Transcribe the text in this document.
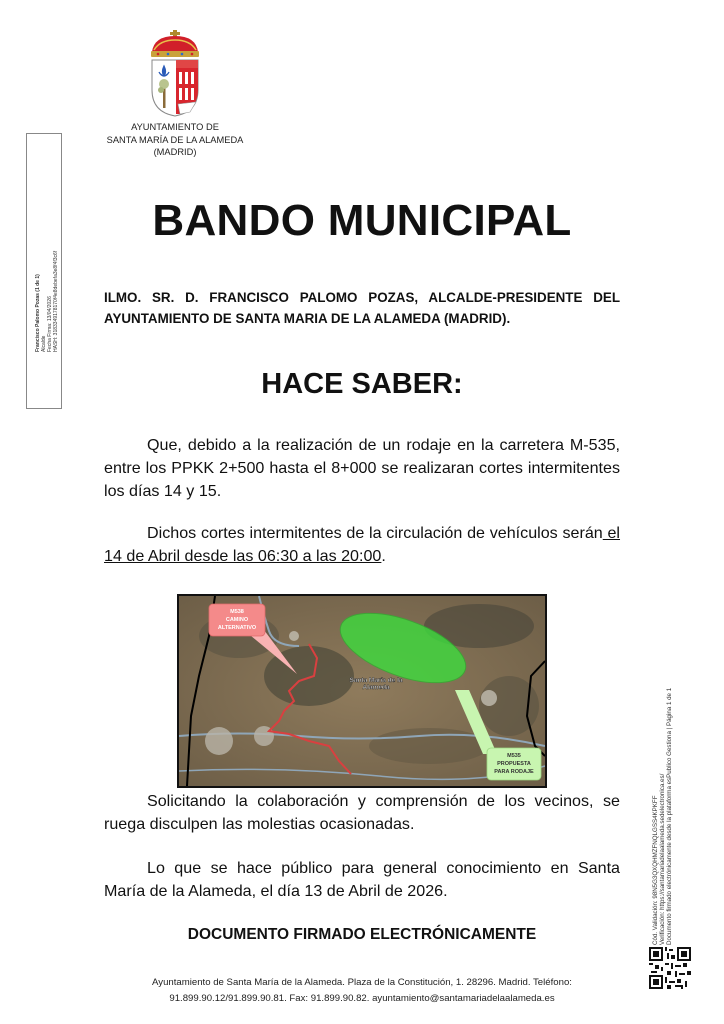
AYUNTAMIENTO DE
SANTA MARÍA DE LA ALAMEDA
(MADRID)
Francisco Palomo Pozas (1 de 1) Alcalde Fecha Firma: 13/04/2026 HASH: 3183349178170f4e8debefa3e8f4f3c6f
BANDO MUNICIPAL
ILMO. SR. D. FRANCISCO PALOMO POZAS, ALCALDE-PRESIDENTE DEL AYUNTAMIENTO DE SANTA MARIA DE LA ALAMEDA (MADRID).
HACE SABER:
Que, debido a la realización de un rodaje en la carretera M-535, entre los PPKK 2+500 hasta el 8+000 se realizaran cortes intermitentes los días 14 y 15.
Dichos cortes intermitentes de la circulación de vehículos serán el 14 de Abril desde las 06:30 a las 20:00.
M538
CAMINO
ALTERNATIVO
M535
PROPUESTA
PARA RODAJE
Santa María de la
Alameda
Solicitando la colaboración y comprensión de los vecinos, se ruega disculpen las molestias ocasionadas.
Lo que se hace público para general conocimiento en Santa María de la Alameda, el día 13 de Abril de 2026.
DOCUMENTO FIRMADO ELECTRÓNICAMENTE	Cód. Validación: 98N5G3QXQHMZFNQLGSS4KPKFF Verificación: https://santamariadelaalameda.sedelectronica.es/ Documento firmado electrónicamente desde la plataforma esPublico Gestiona | Página 1 de 1
Ayuntamiento de Santa María de la Alameda. Plaza de la Constitución, 1. 28296. Madrid. Teléfono:
91.899.90.12/91.899.90.81. Fax: 91.899.90.82. ayuntamiento@santamariadelaalameda.es
